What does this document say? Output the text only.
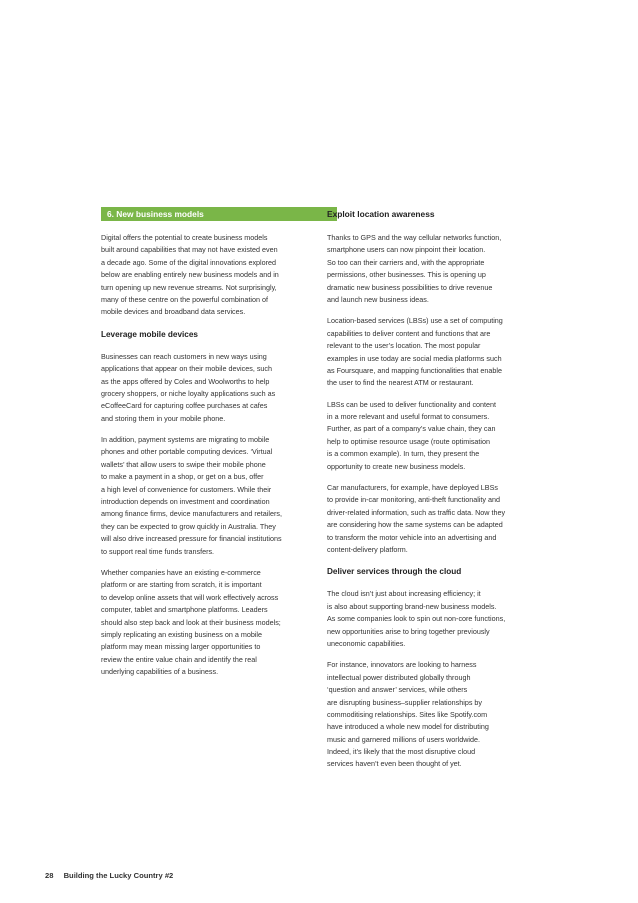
6. New business models
Digital offers the potential to create business models
built around capabilities that may not have existed even
a decade ago. Some of the digital innovations explored
below are enabling entirely new business models and in
turn opening up new revenue streams. Not surprisingly,
many of these centre on the powerful combination of
mobile devices and broadband data services.
Leverage mobile devices
Businesses can reach customers in new ways using
applications that appear on their mobile devices, such
as the apps offered by Coles and Woolworths to help
grocery shoppers, or niche loyalty applications such as
eCoffeeCard for capturing coffee purchases at cafes
and storing them in your mobile phone.
In addition, payment systems are migrating to mobile
phones and other portable computing devices. ‘Virtual
wallets’ that allow users to swipe their mobile phone
to make a payment in a shop, or get on a bus, offer
a high level of convenience for customers. While their
introduction depends on investment and coordination
among finance firms, device manufacturers and retailers,
they can be expected to grow quickly in Australia. They
will also drive increased pressure for financial institutions
to support real time funds transfers.
Whether companies have an existing e-commerce
platform or are starting from scratch, it is important
to develop online assets that will work effectively across
computer, tablet and smartphone platforms. Leaders
should also step back and look at their business models;
simply replicating an existing business on a mobile
platform may mean missing larger opportunities to
review the entire value chain and identify the real
underlying capabilities of a business.
Exploit location awareness
Thanks to GPS and the way cellular networks function,
smartphone users can now pinpoint their location.
So too can their carriers and, with the appropriate
permissions, other businesses. This is opening up
dramatic new business possibilities to drive revenue
and launch new business ideas.
Location-based services (LBSs) use a set of computing
capabilities to deliver content and functions that are
relevant to the user’s location. The most popular
examples in use today are social media platforms such
as Foursquare, and mapping functionalities that enable
the user to find the nearest ATM or restaurant.
LBSs can be used to deliver functionality and content
in a more relevant and useful format to consumers.
Further, as part of a company’s value chain, they can
help to optimise resource usage (route optimisation
is a common example). In turn, they present the
opportunity to create new business models.
Car manufacturers, for example, have deployed LBSs
to provide in-car monitoring, anti-theft functionality and
driver-related information, such as traffic data. Now they
are considering how the same systems can be adapted
to transform the motor vehicle into an advertising and
content-delivery platform.
Deliver services through the cloud
The cloud isn’t just about increasing efficiency; it
is also about supporting brand-new business models.
As some companies look to spin out non-core functions,
new opportunities arise to bring together previously
uneconomic capabilities.
For instance, innovators are looking to harness
intellectual power distributed globally through
‘question and answer’ services, while others
are disrupting business–supplier relationships by
commoditising relationships. Sites like Spotify.com
have introduced a whole new model for distributing
music and garnered millions of users worldwide.
Indeed, it’s likely that the most disruptive cloud
services haven’t even been thought of yet.
28 Building the Lucky Country #2
